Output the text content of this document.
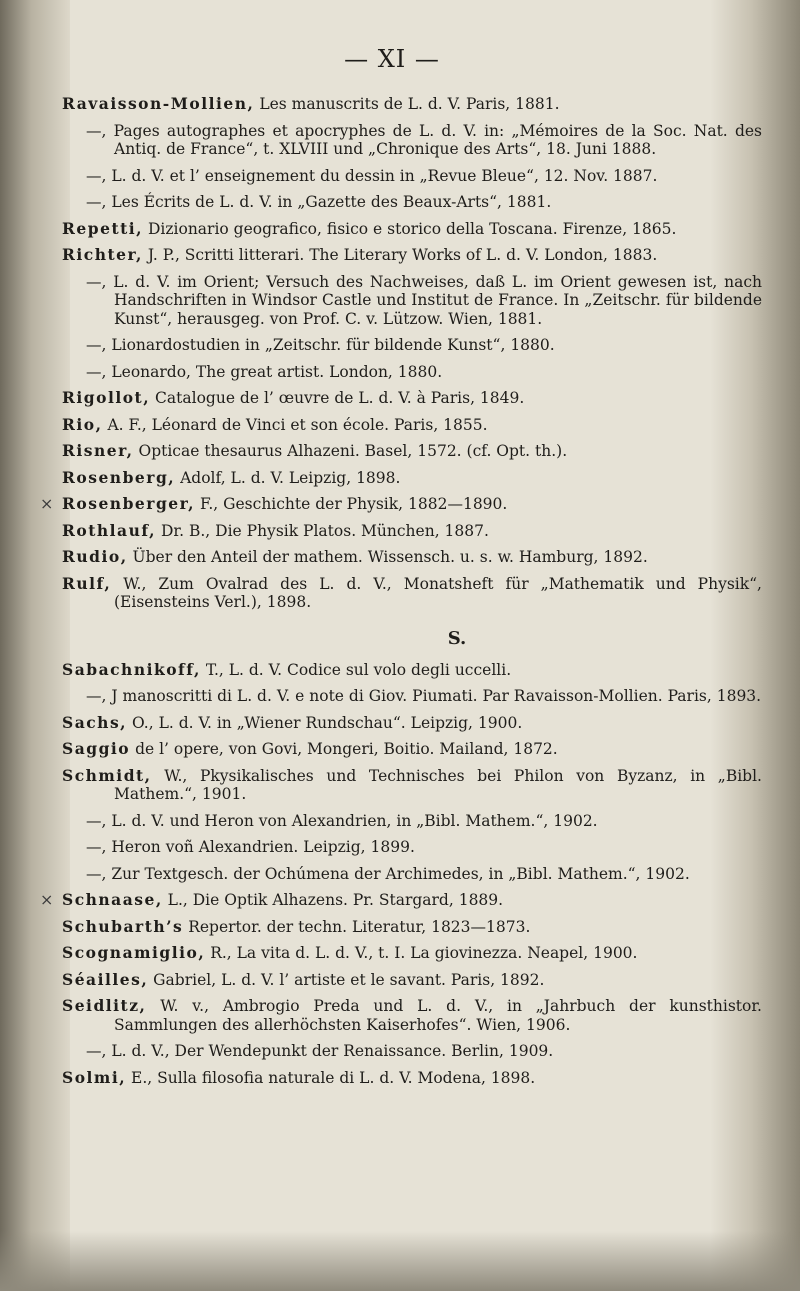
— XI —
Ravaisson-Mollien, Les manuscrits de L. d. V. Paris, 1881.
—, Pages autographes et apocryphes de L. d. V. in: „Mémoires de la Soc. Nat. des Antiq. de France“, t. XLVIII und „Chronique des Arts“, 18. Juni 1888.
—, L. d. V. et l’ enseignement du dessin in „Revue Bleue“, 12. Nov. 1887.
—, Les Écrits de L. d. V. in „Gazette des Beaux-Arts“, 1881.
Repetti, Dizionario geografico, fisico e storico della Toscana. Firenze, 1865.
Richter, J. P., Scritti litterari. The Literary Works of L. d. V. London, 1883.
—, L. d. V. im Orient; Versuch des Nachweises, daß L. im Orient gewesen ist, nach Handschriften in Windsor Castle und Institut de France. In „Zeitschr. für bildende Kunst“, herausgeg. von Prof. C. v. Lützow. Wien, 1881.
—, Lionardostudien in „Zeitschr. für bildende Kunst“, 1880.
—, Leonardo, The great artist. London, 1880.
Rigollot, Catalogue de l’ œuvre de L. d. V. à Paris, 1849.
Rio, A. F., Léonard de Vinci et son école. Paris, 1855.
Risner, Opticae thesaurus Alhazeni. Basel, 1572. (cf. Opt. th.).
Rosenberg, Adolf, L. d. V. Leipzig, 1898.
× Rosenberger, F., Geschichte der Physik, 1882—1890.
Rothlauf, Dr. B., Die Physik Platos. München, 1887.
Rudio, Über den Anteil der mathem. Wissensch. u. s. w. Hamburg, 1892.
Rulf, W., Zum Ovalrad des L. d. V., Monatsheft für „Mathematik und Physik“, (Eisensteins Verl.), 1898.
S.
Sabachnikoff, T., L. d. V. Codice sul volo degli uccelli.
—, J manoscritti di L. d. V. e note di Giov. Piumati. Par Ravaisson-Mollien. Paris, 1893.
Sachs, O., L. d. V. in „Wiener Rundschau“. Leipzig, 1900.
Saggio de l’ opere, von Govi, Mongeri, Boitio. Mailand, 1872.
Schmidt, W., Pkysikalisches und Technisches bei Philon von Byzanz, in „Bibl. Mathem.“, 1901.
—, L. d. V. und Heron von Alexandrien, in „Bibl. Mathem.“, 1902.
—, Heron voñ Alexandrien. Leipzig, 1899.
—, Zur Textgesch. der Ochúmena der Archimedes, in „Bibl. Mathem.“, 1902.
× Schnaase, L., Die Optik Alhazens. Pr. Stargard, 1889.
Schubarth’s Repertor. der techn. Literatur, 1823—1873.
Scognamiglio, R., La vita d. L. d. V., t. I. La giovinezza. Neapel, 1900.
Séailles, Gabriel, L. d. V. l’ artiste et le savant. Paris, 1892.
Seidlitz, W. v., Ambrogio Preda und L. d. V., in „Jahrbuch der kunsthistor. Sammlungen des allerhöchsten Kaiserhofes“. Wien, 1906.
—, L. d. V., Der Wendepunkt der Renaissance. Berlin, 1909.
Solmi, E., Sulla filosofia naturale di L. d. V. Modena, 1898.
